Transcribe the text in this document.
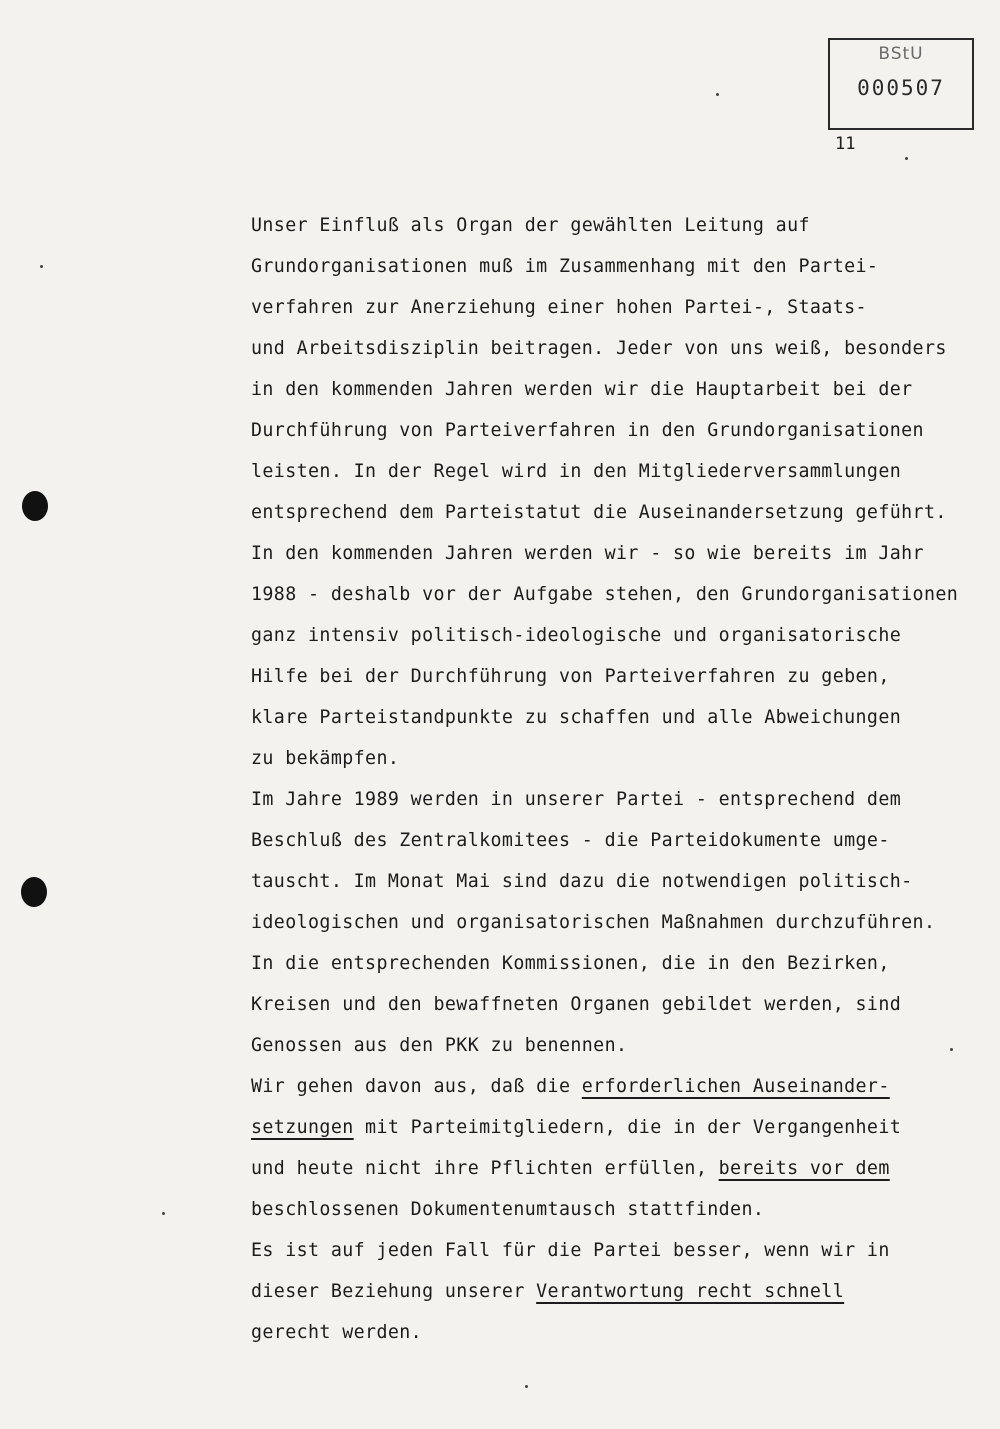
BStU
000507
11
Unser Einfluß als Organ der gewählten Leitung auf
Grundorganisationen muß im Zusammenhang mit den Partei-
verfahren zur Anerziehung einer hohen Partei-, Staats-
und Arbeitsdisziplin beitragen. Jeder von uns weiß, besonders
in den kommenden Jahren werden wir die Hauptarbeit bei der
Durchführung von Parteiverfahren in den Grundorganisationen
leisten. In der Regel wird in den Mitgliederversammlungen
entsprechend dem Parteistatut die Auseinandersetzung geführt.
In den kommenden Jahren werden wir - so wie bereits im Jahr
1988 - deshalb vor der Aufgabe stehen, den Grundorganisationen
ganz intensiv politisch-ideologische und organisatorische
Hilfe bei der Durchführung von Parteiverfahren zu geben,
klare Parteistandpunkte zu schaffen und alle Abweichungen
zu bekämpfen.
Im Jahre 1989 werden in unserer Partei - entsprechend dem
Beschluß des Zentralkomitees - die Parteidokumente umge-
tauscht. Im Monat Mai sind dazu die notwendigen politisch-
ideologischen und organisatorischen Maßnahmen durchzuführen.
In die entsprechenden Kommissionen, die in den Bezirken,
Kreisen und den bewaffneten Organen gebildet werden, sind
Genossen aus den PKK zu benennen.
Wir gehen davon aus, daß die erforderlichen Auseinander-
setzungen mit Parteimitgliedern, die in der Vergangenheit
und heute nicht ihre Pflichten erfüllen, bereits vor dem
beschlossenen Dokumentenumtausch stattfinden.
Es ist auf jeden Fall für die Partei besser, wenn wir in
dieser Beziehung unserer Verantwortung recht schnell
gerecht werden.
